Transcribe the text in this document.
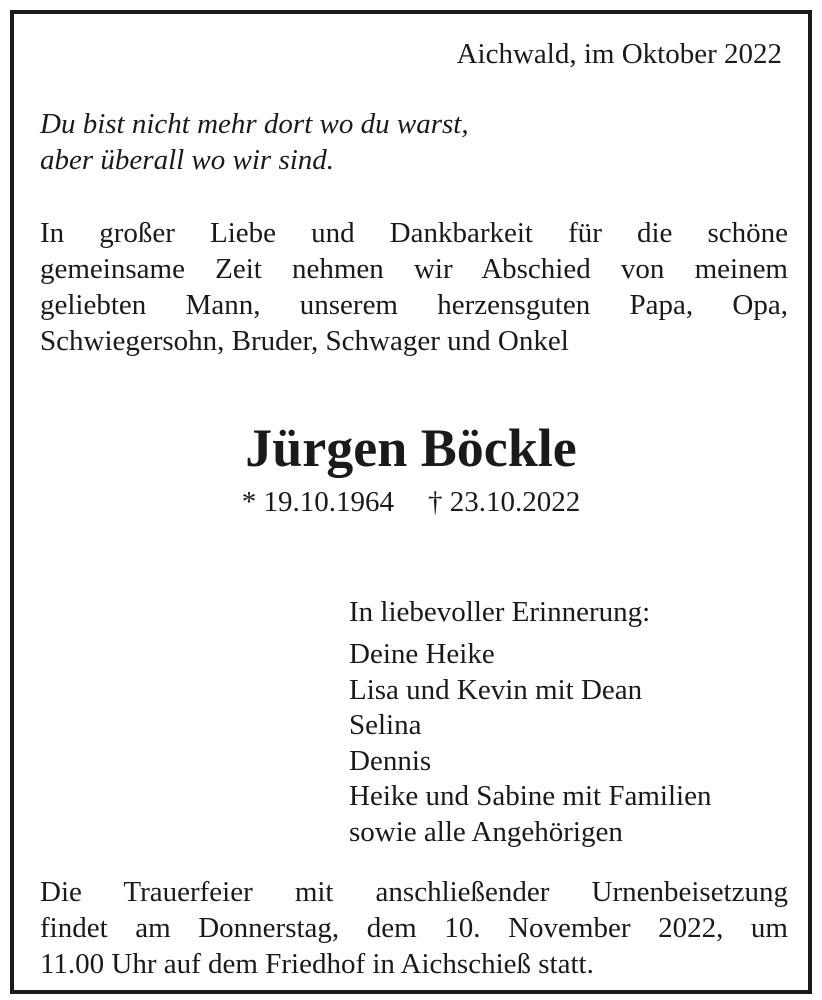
Aichwald, im Oktober 2022
Du bist nicht mehr dort wo du warst,
aber überall wo wir sind.
In großer Liebe und Dankbarkeit für die schöne
gemeinsame Zeit nehmen wir Abschied von meinem
geliebten Mann, unserem herzensguten Papa, Opa,
Schwiegersohn, Bruder, Schwager und Onkel
Jürgen Böckle
* 19.10.1964 † 23.10.2022
In liebevoller Erinnerung:
Deine Heike
Lisa und Kevin mit Dean
Selina
Dennis
Heike und Sabine mit Familien
sowie alle Angehörigen
Die Trauerfeier mit anschließender Urnenbeisetzung
findet am Donnerstag, dem 10. November 2022, um
11.00 Uhr auf dem Friedhof in Aichschieß statt.
